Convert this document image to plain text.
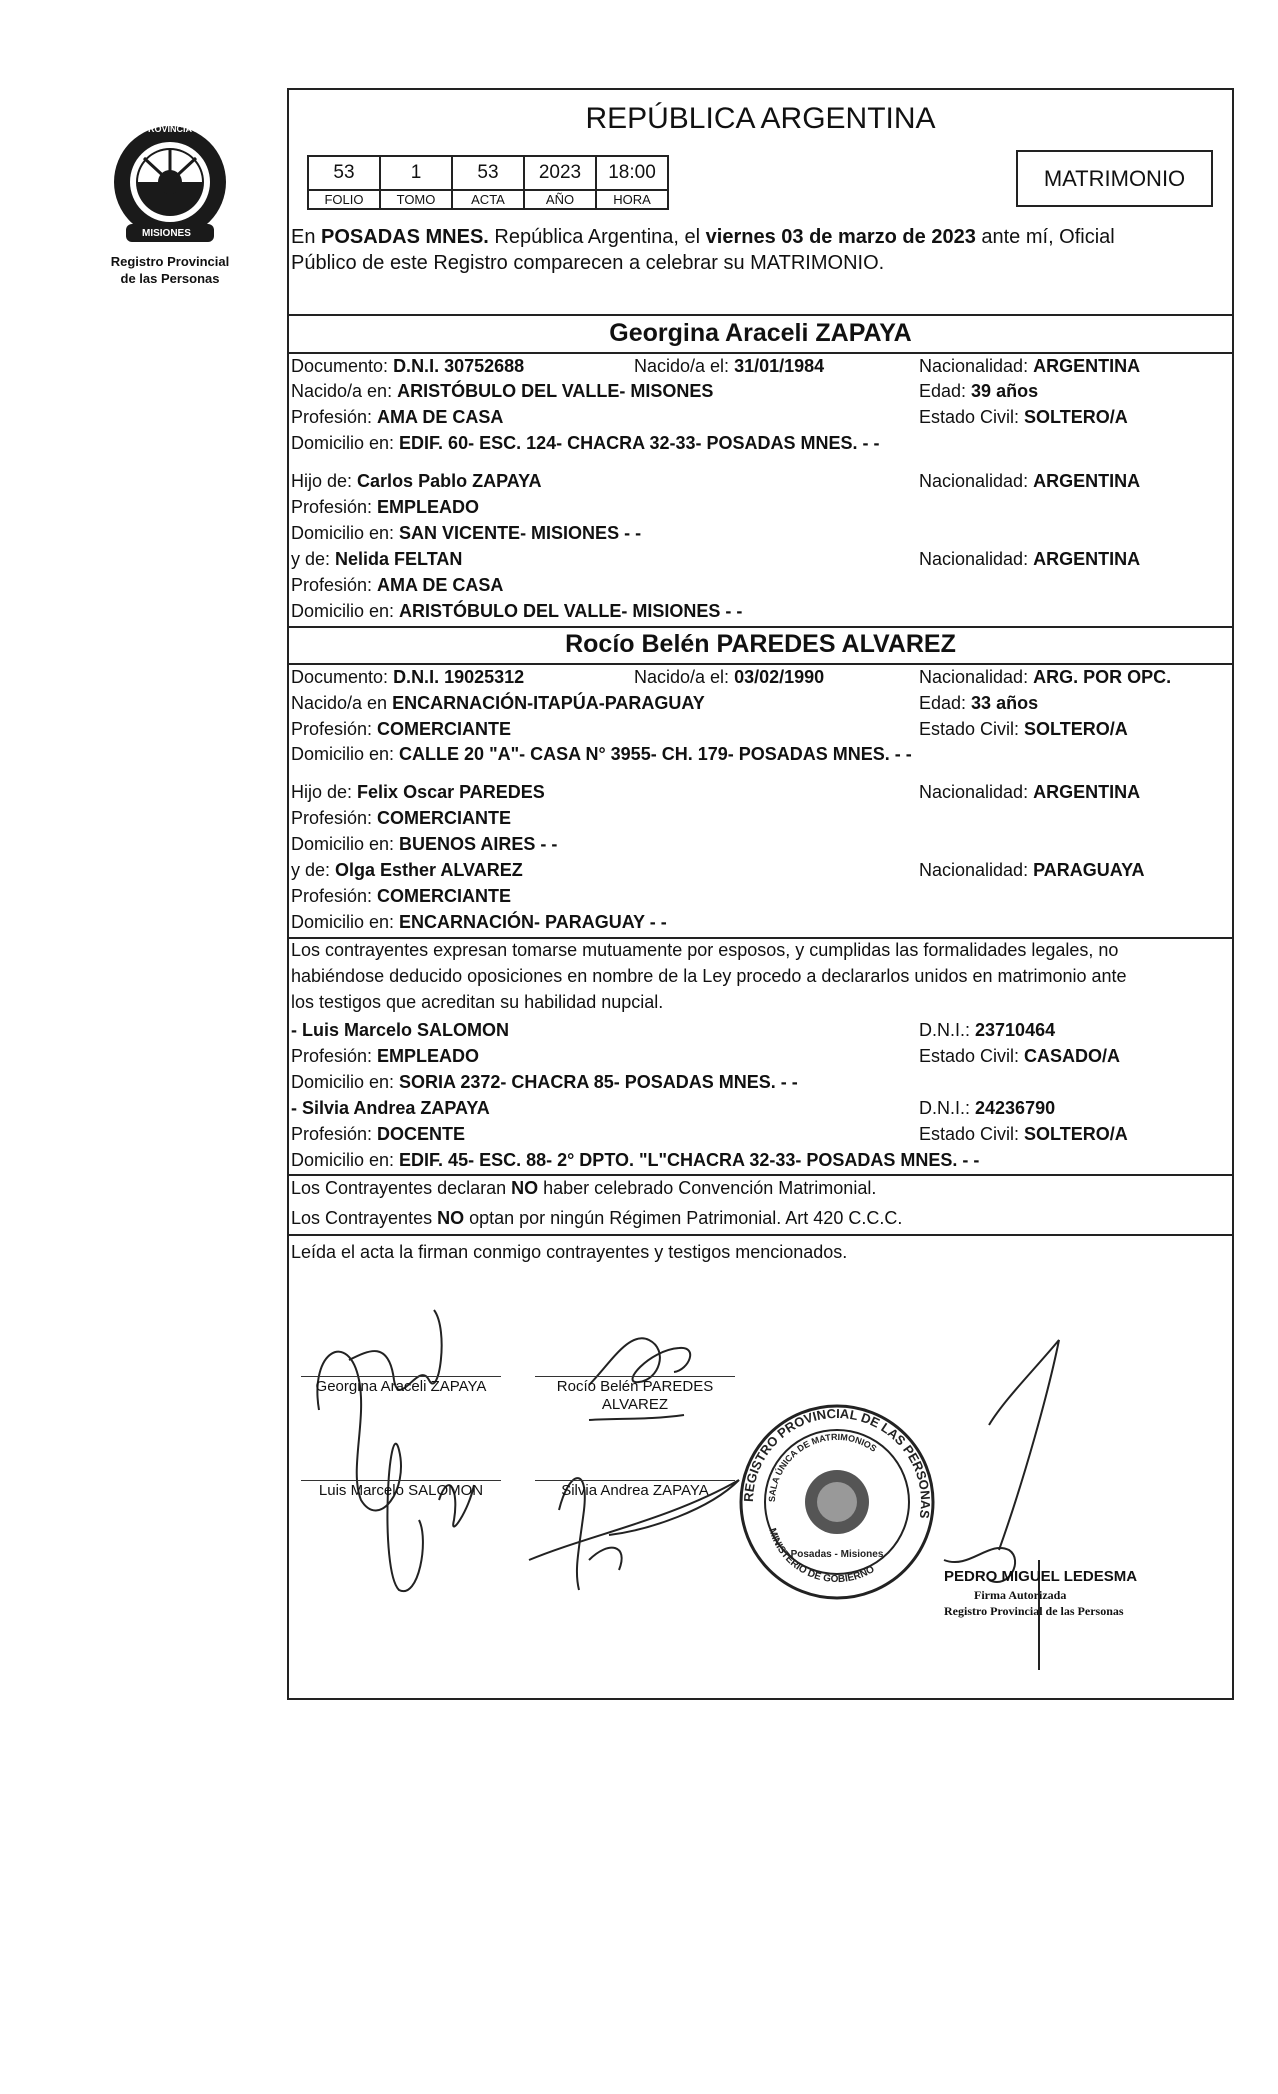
PROVINCIA DE
MISIONES
Registro Provincial
de las Personas
REPÚBLICA ARGENTINA
53	1	53	2023	18:00
FOLIO	TOMO	ACTA	AÑO	HORA
MATRIMONIO
En POSADAS MNES. República Argentina, el viernes 03 de marzo de 2023 ante mí, Oficial
Público de este Registro comparecen a celebrar su MATRIMONIO.
Georgina Araceli ZAPAYA
Documento: D.N.I. 30752688	Nacido/a el: 31/01/1984	Nacionalidad: ARGENTINA
Nacido/a en: ARISTÓBULO DEL VALLE- MISONES	Edad: 39 años
Profesión: AMA DE CASA	Estado Civil: SOLTERO/A
Domicilio en: EDIF. 60- ESC. 124- CHACRA 32-33- POSADAS MNES. - -
Hijo de: Carlos Pablo ZAPAYA	Nacionalidad: ARGENTINA
Profesión: EMPLEADO
Domicilio en: SAN VICENTE- MISIONES - -
y de: Nelida FELTAN	Nacionalidad: ARGENTINA
Profesión: AMA DE CASA
Domicilio en: ARISTÓBULO DEL VALLE- MISIONES - -
Rocío Belén PAREDES ALVAREZ
Documento: D.N.I. 19025312	Nacido/a el: 03/02/1990	Nacionalidad: ARG. POR OPC.
Nacido/a en ENCARNACIÓN-ITAPÚA-PARAGUAY	Edad: 33 años
Profesión: COMERCIANTE	Estado Civil: SOLTERO/A
Domicilio en: CALLE 20 "A"- CASA N° 3955- CH. 179- POSADAS MNES. - -
Hijo de: Felix Oscar PAREDES	Nacionalidad: ARGENTINA
Profesión: COMERCIANTE
Domicilio en: BUENOS AIRES - -
y de: Olga Esther ALVAREZ	Nacionalidad: PARAGUAYA
Profesión: COMERCIANTE
Domicilio en: ENCARNACIÓN- PARAGUAY - -
Los contrayentes expresan tomarse mutuamente por esposos, y cumplidas las formalidades legales, no
habiéndose deducido oposiciones en nombre de la Ley procedo a declararlos unidos en matrimonio ante
los testigos que acreditan su habilidad nupcial.
- Luis Marcelo SALOMON	D.N.I.: 23710464
Profesión: EMPLEADO	Estado Civil: CASADO/A
Domicilio en: SORIA 2372- CHACRA 85- POSADAS MNES. - -
- Silvia Andrea ZAPAYA	D.N.I.: 24236790
Profesión: DOCENTE	Estado Civil: SOLTERO/A
Domicilio en: EDIF. 45- ESC. 88- 2° DPTO. "L"CHACRA 32-33- POSADAS MNES. - -
Los Contrayentes declaran NO haber celebrado Convención Matrimonial.
Los Contrayentes NO optan por ningún Régimen Patrimonial. Art 420 C.C.C.
Leída el acta la firman conmigo contrayentes y testigos mencionados.
Georgina Araceli ZAPAYA	Rocío Belén PAREDES
ALVAREZ
Luis Marcelo SALOMON	Silvia Andrea ZAPAYA	REGISTRO PROVINCIAL DE LAS PERSONAS
SALA ÚNICA DE MATRIMONIOS
MINISTERIO DE GOBIERNO
Posadas - Misiones
PEDRO MIGUEL LEDESMA
Firma Autorizada
Registro Provincial de las Personas
